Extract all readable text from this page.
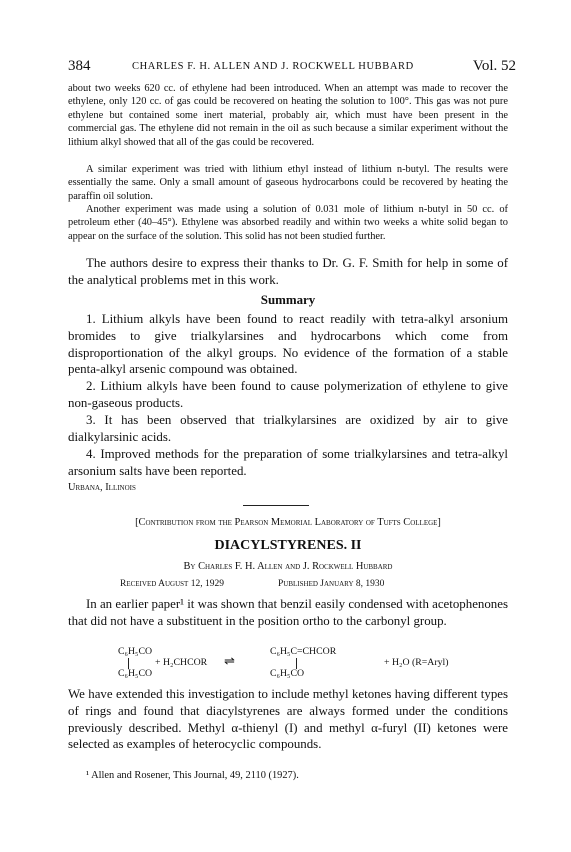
384	CHARLES F. H. ALLEN AND J. ROCKWELL HUBBARD	Vol. 52
about two weeks 620 cc. of ethylene had been introduced. When an attempt was made to recover the ethylene, only 120 cc. of gas could be recovered on heating the solution to 100°. This gas was not pure ethylene but contained some inert material, probably air, which must have been present in the commercial gas. The ethylene did not remain in the oil as such because a similar experiment without the lithium alkyl showed that all of the gas could be recovered.
A similar experiment was tried with lithium ethyl instead of lithium n-butyl. The results were essentially the same. Only a small amount of gaseous hydrocarbons could be recovered by heating the paraffin oil solution.
Another experiment was made using a solution of 0.031 mole of lithium n-butyl in 50 cc. of petroleum ether (40–45°). Ethylene was absorbed readily and within two weeks a white solid began to appear on the surface of the solution. This solid has not been studied further.
The authors desire to express their thanks to Dr. G. F. Smith for help in some of the analytical problems met in this work.
Summary
1. Lithium alkyls have been found to react readily with tetra-alkyl arsonium bromides to give trialkylarsines and hydrocarbons which come from disproportionation of the alkyl groups. No evidence of the formation of a stable penta-alkyl arsenic compound was obtained.
2. Lithium alkyls have been found to cause polymerization of ethylene to give non-gaseous products.
3. It has been observed that trialkylarsines are oxidized by air to give dialkylarsinic acids.
4. Improved methods for the preparation of some trialkylarsines and tetra-alkyl arsonium salts have been reported.
Urbana, Illinois
[Contribution from the Pearson Memorial Laboratory of Tufts College]
DIACYLSTYRENES. II
By Charles F. H. Allen and J. Rockwell Hubbard
Received August 12, 1929	Published January 8, 1930
In an earlier paper¹ it was shown that benzil easily condensed with acetophenones that did not have a substituent in the position ortho to the carbonyl group.
C₆H₅CO
C₆H₅CO
+ H₂CHCOR ⇌
C₆H₅C=CHCOR
C₆H₅CO
+ H₂O (R=Aryl)
We have extended this investigation to include methyl ketones having different types of rings and found that diacylstyrenes are always formed under the conditions previously described. Methyl α-thienyl (I) and methyl α-furyl (II) ketones were selected as examples of heterocyclic compounds.
¹ Allen and Rosener, This Journal, 49, 2110 (1927).
